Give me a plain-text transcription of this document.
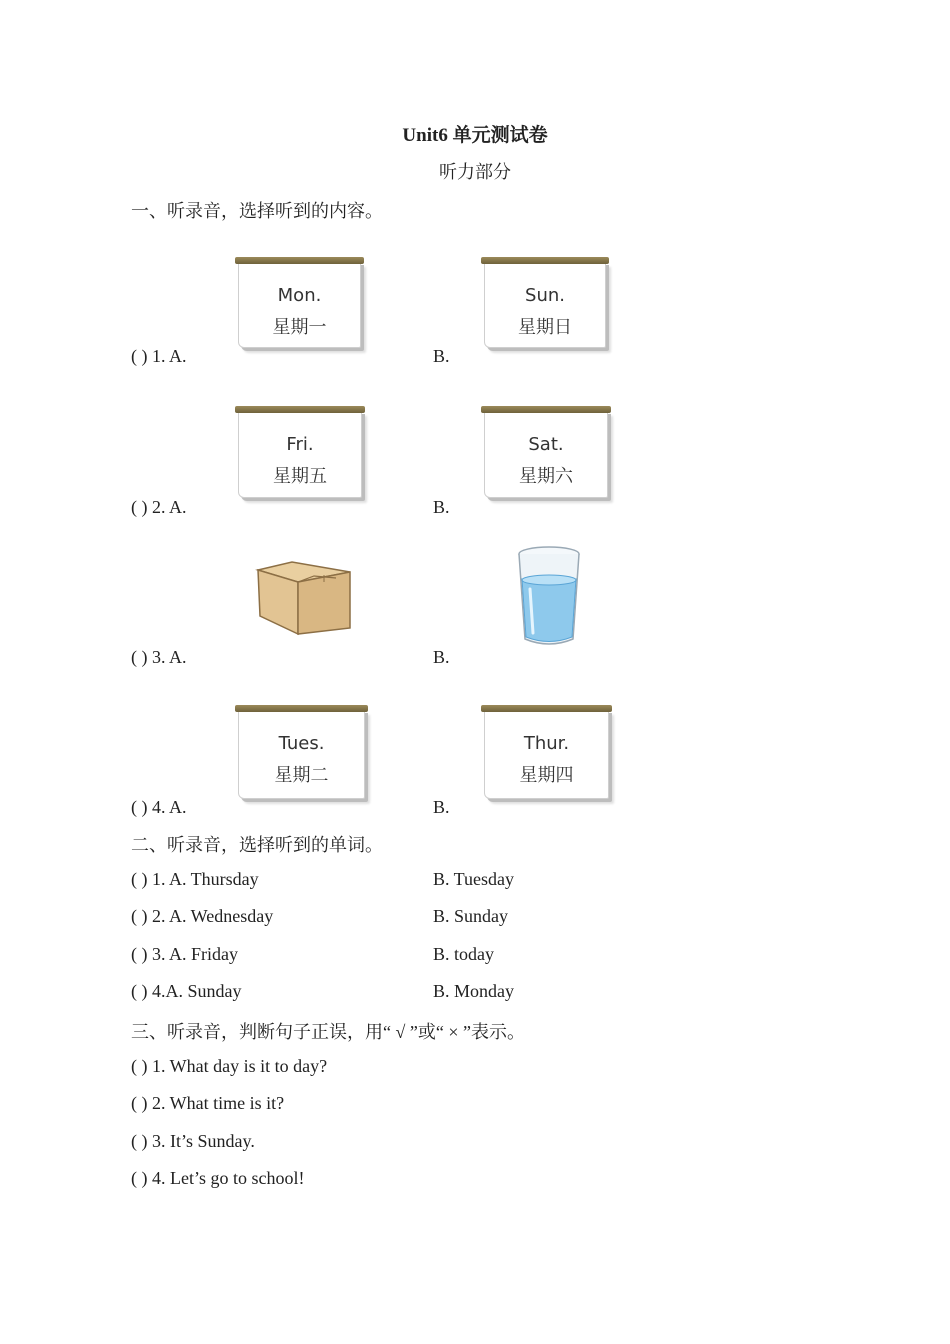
Unit6 单元测试卷
听力部分
一、听录音，选择听到的内容。
Mon.
星期一
Sun.
星期日
( ) 1. A.	B.
Fri.
星期五
Sat.
星期六
( ) 2. A.	B.
( ) 3. A.	B.
Tues.
星期二
Thur.
星期四
( ) 4. A.	B.
二、听录音，选择听到的单词。
( ) 1. A. Thursday	B. Tuesday
( ) 2. A. Wednesday	B. Sunday
( ) 3. A. Friday	B. today
( ) 4.A. Sunday	B. Monday
三、听录音，判断句子正误，用“ √ ”或“ × ”表示。
( ) 1. What day is it to day?
( ) 2. What time is it?
( ) 3. It’s Sunday.
( ) 4. Let’s go to school!
